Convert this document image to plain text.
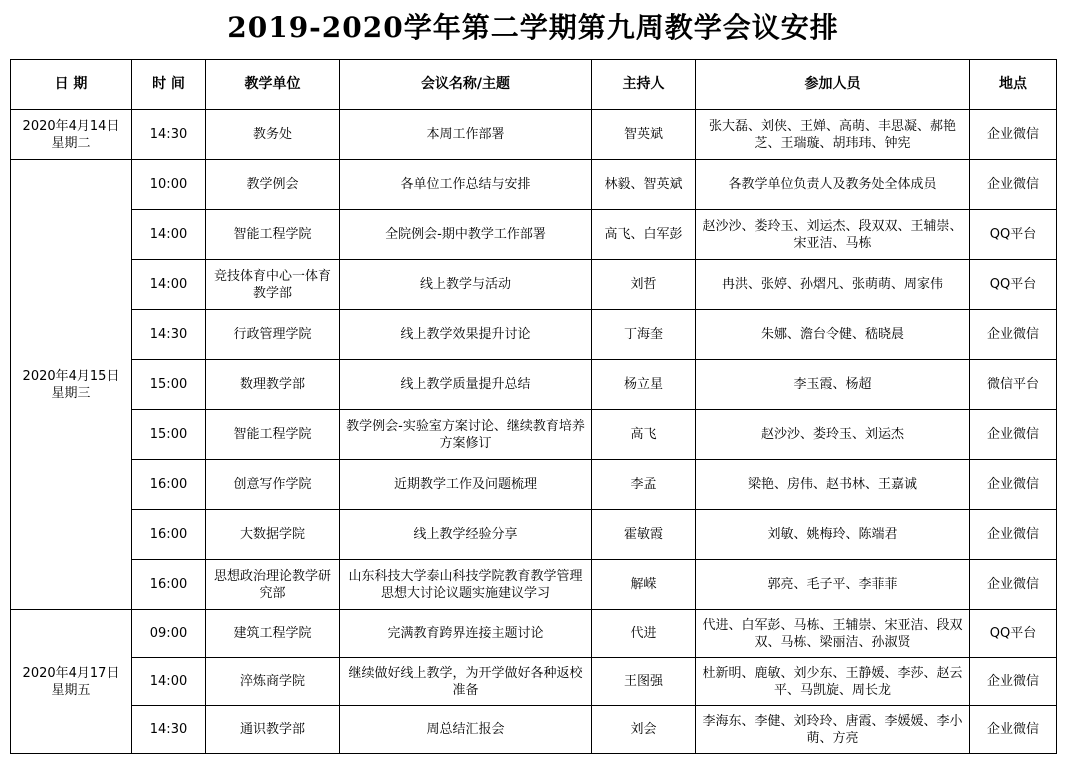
2019-2020学年第二学期第九周教学会议安排
日 期	时 间	教学单位	会议名称/主题	主持人	参加人员	地点

2020年4月14日
星期二	14:30	教务处	本周工作部署	智英斌	张大磊、刘侠、王婵、高萌、丰思凝、郝艳芝、王瑞璇、胡玮玮、钟宪	企业微信

2020年4月15日
星期三	10:00	教学例会	各单位工作总结与安排	林毅、智英斌	各教学单位负责人及教务处全体成员	企业微信
	14:00	智能工程学院	全院例会-期中教学工作部署	高飞、白军彭	赵沙沙、娄玲玉、刘运杰、段双双、王辅崇、宋亚洁、马栋	QQ平台
	14:00	竞技体育中心一体育教学部	线上教学与活动	刘哲	冉洪、张婷、孙熠凡、张萌萌、周家伟	QQ平台
	14:30	行政管理学院	线上教学效果提升讨论	丁海奎	朱娜、澹台令健、嵇晓晨	企业微信
	15:00	数理教学部	线上教学质量提升总结	杨立星	李玉霞、杨超	微信平台
	15:00	智能工程学院	教学例会-实验室方案讨论、继续教育培养方案修订	高飞	赵沙沙、娄玲玉、刘运杰	企业微信
	16:00	创意写作学院	近期教学工作及问题梳理	李孟	梁艳、房伟、赵书林、王嘉诚	企业微信
	16:00	大数据学院	线上教学经验分享	霍敏霞	刘敏、姚梅玲、陈端君	企业微信
	16:00	思想政治理论教学研究部	山东科技大学泰山科技学院教育教学管理思想大讨论议题实施建议学习	解嵘	郭亮、毛子平、李菲菲	企业微信

2020年4月17日
星期五	09:00	建筑工程学院	完满教育跨界连接主题讨论	代进	代进、白军彭、马栋、王辅崇、宋亚洁、段双双、马栋、梁丽洁、孙淑贤	QQ平台
	14:00	淬炼商学院	继续做好线上教学，为开学做好各种返校准备	王图强	杜新明、鹿敏、刘少东、王静媛、李莎、赵云平、马凯旋、周长龙	企业微信
	14:30	通识教学部	周总结汇报会	刘会	李海东、李健、刘玲玲、唐霞、李媛媛、李小萌、方亮	企业微信
